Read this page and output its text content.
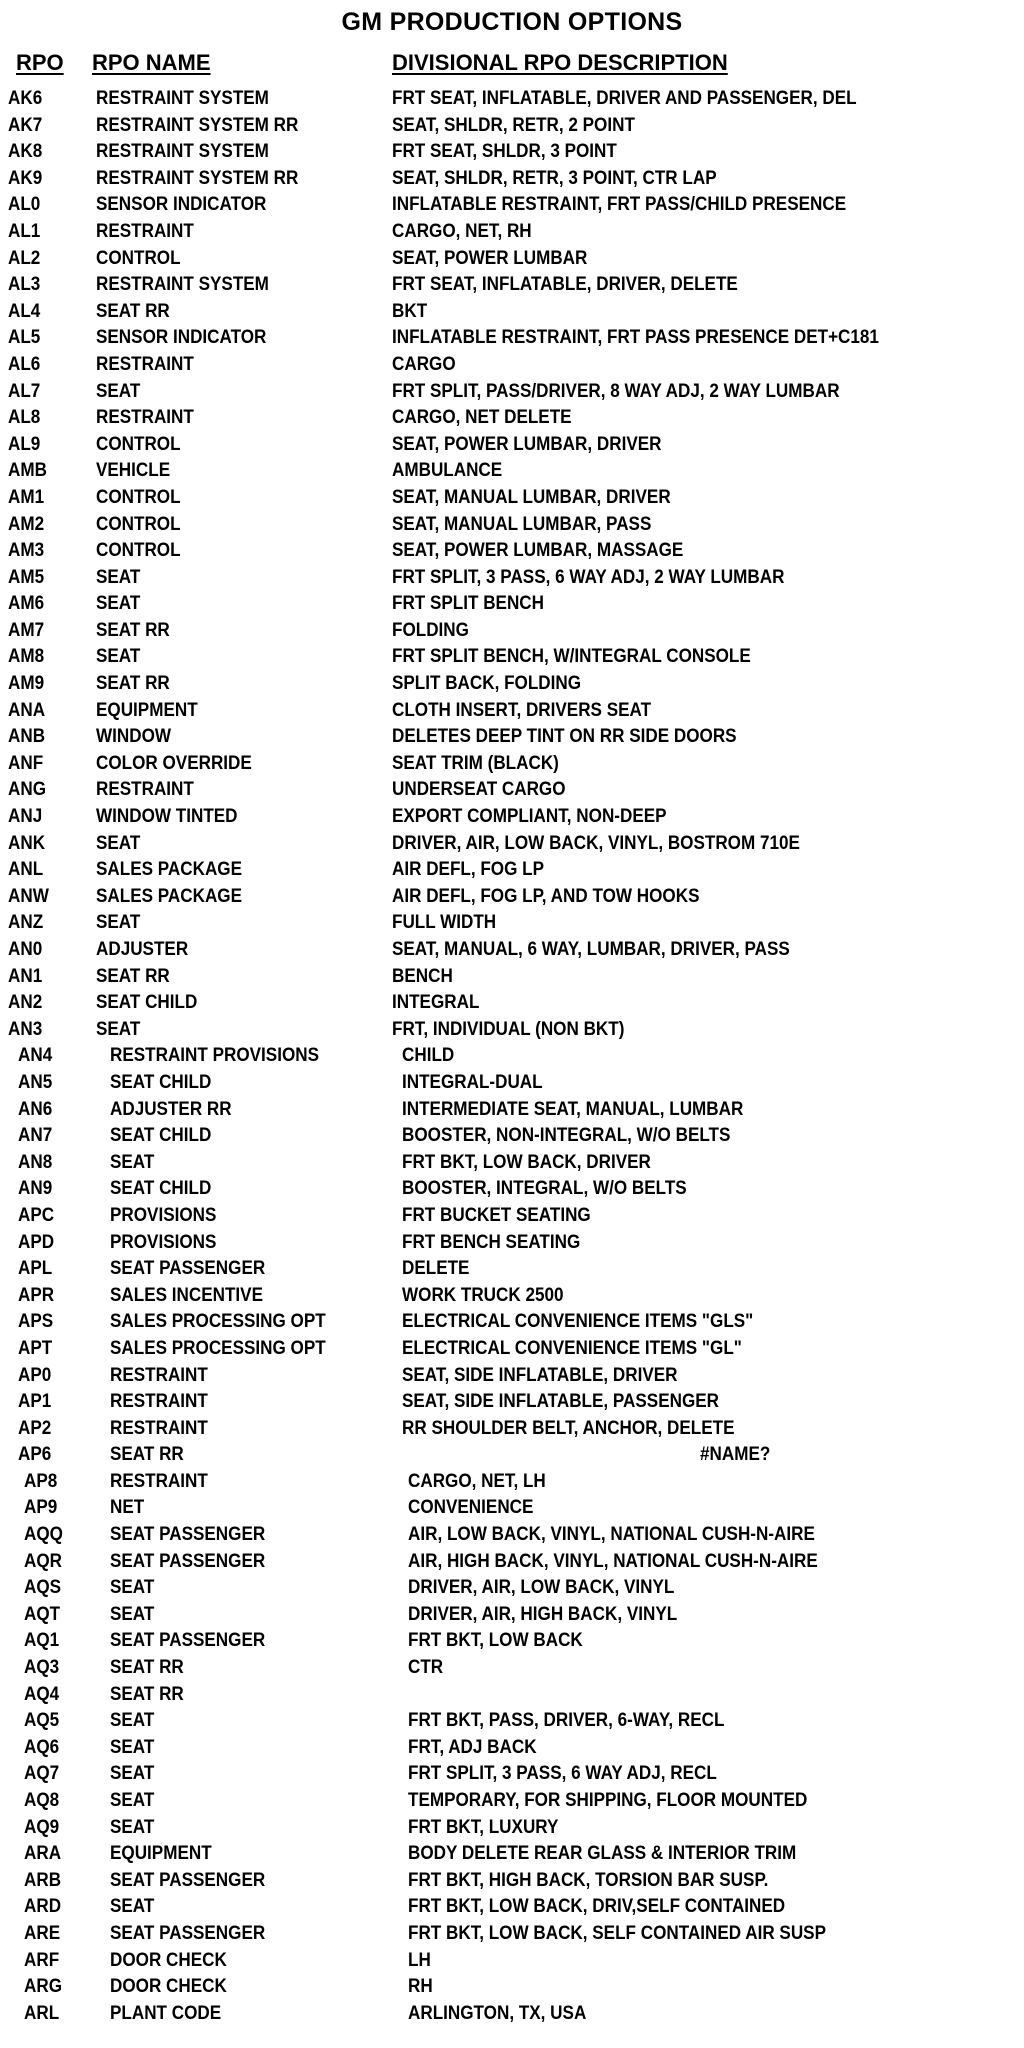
GM PRODUCTION OPTIONS
RPO RPO NAME	DIVISIONAL RPO DESCRIPTION
AK6	RESTRAINT SYSTEM	FRT SEAT, INFLATABLE, DRIVER AND PASSENGER, DEL
AK7	RESTRAINT SYSTEM RR	SEAT, SHLDR, RETR, 2 POINT
AK8	RESTRAINT SYSTEM	FRT SEAT, SHLDR, 3 POINT
AK9	RESTRAINT SYSTEM RR	SEAT, SHLDR, RETR, 3 POINT, CTR LAP
AL0	SENSOR INDICATOR	INFLATABLE RESTRAINT, FRT PASS/CHILD PRESENCE
AL1	RESTRAINT	CARGO, NET, RH
AL2	CONTROL	SEAT, POWER LUMBAR
AL3	RESTRAINT SYSTEM	FRT SEAT, INFLATABLE, DRIVER, DELETE
AL4	SEAT RR	BKT
AL5	SENSOR INDICATOR	INFLATABLE RESTRAINT, FRT PASS PRESENCE DET+C181
AL6	RESTRAINT	CARGO
AL7	SEAT	FRT SPLIT, PASS/DRIVER, 8 WAY ADJ, 2 WAY LUMBAR
AL8	RESTRAINT	CARGO, NET DELETE
AL9	CONTROL	SEAT, POWER LUMBAR, DRIVER
AMB	VEHICLE	AMBULANCE
AM1	CONTROL	SEAT, MANUAL LUMBAR, DRIVER
AM2	CONTROL	SEAT, MANUAL LUMBAR, PASS
AM3	CONTROL	SEAT, POWER LUMBAR, MASSAGE
AM5	SEAT	FRT SPLIT, 3 PASS, 6 WAY ADJ, 2 WAY LUMBAR
AM6	SEAT	FRT SPLIT BENCH
AM7	SEAT RR	FOLDING
AM8	SEAT	FRT SPLIT BENCH, W/INTEGRAL CONSOLE
AM9	SEAT RR	SPLIT BACK, FOLDING
ANA	EQUIPMENT	CLOTH INSERT, DRIVERS SEAT
ANB	WINDOW	DELETES DEEP TINT ON RR SIDE DOORS
ANF	COLOR OVERRIDE	SEAT TRIM (BLACK)
ANG	RESTRAINT	UNDERSEAT CARGO
ANJ	WINDOW TINTED	EXPORT COMPLIANT, NON-DEEP
ANK	SEAT	DRIVER, AIR, LOW BACK, VINYL, BOSTROM 710E
ANL	SALES PACKAGE	AIR DEFL, FOG LP
ANW SALES PACKAGE	AIR DEFL, FOG LP, AND TOW HOOKS
ANZ	SEAT	FULL WIDTH
AN0	ADJUSTER	SEAT, MANUAL, 6 WAY, LUMBAR, DRIVER, PASS
AN1	SEAT RR	BENCH
AN2	SEAT CHILD	INTEGRAL
AN3	SEAT	FRT, INDIVIDUAL (NON BKT)
AN4	RESTRAINT PROVISIONS	CHILD
AN5	SEAT CHILD	INTEGRAL-DUAL
AN6	ADJUSTER RR	INTERMEDIATE SEAT, MANUAL, LUMBAR
AN7	SEAT CHILD	BOOSTER, NON-INTEGRAL, W/O BELTS
AN8	SEAT	FRT BKT, LOW BACK, DRIVER
AN9	SEAT CHILD	BOOSTER, INTEGRAL, W/O BELTS
APC	PROVISIONS	FRT BUCKET SEATING
APD	PROVISIONS	FRT BENCH SEATING
APL	SEAT PASSENGER	DELETE
APR	SALES INCENTIVE	WORK TRUCK 2500
APS	SALES PROCESSING OPT	ELECTRICAL CONVENIENCE ITEMS "GLS"
APT	SALES PROCESSING OPT	ELECTRICAL CONVENIENCE ITEMS "GL"
AP0	RESTRAINT	SEAT, SIDE INFLATABLE, DRIVER
AP1	RESTRAINT	SEAT, SIDE INFLATABLE, PASSENGER
AP2	RESTRAINT	RR SHOULDER BELT, ANCHOR, DELETE
AP6	SEAT RR	#NAME?
AP8	RESTRAINT	CARGO, NET, LH
AP9	NET	CONVENIENCE
AQQ SEAT PASSENGER	AIR, LOW BACK, VINYL, NATIONAL CUSH-N-AIRE
AQR	SEAT PASSENGER	AIR, HIGH BACK, VINYL, NATIONAL CUSH-N-AIRE
AQS	SEAT	DRIVER, AIR, LOW BACK, VINYL
AQT	SEAT	DRIVER, AIR, HIGH BACK, VINYL
AQ1	SEAT PASSENGER	FRT BKT, LOW BACK
AQ3	SEAT RR	CTR
AQ4	SEAT RR
AQ5	SEAT	FRT BKT, PASS, DRIVER, 6-WAY, RECL
AQ6	SEAT	FRT, ADJ BACK
AQ7	SEAT	FRT SPLIT, 3 PASS, 6 WAY ADJ, RECL
AQ8	SEAT	TEMPORARY, FOR SHIPPING, FLOOR MOUNTED
AQ9	SEAT	FRT BKT, LUXURY
ARA	EQUIPMENT	BODY DELETE REAR GLASS & INTERIOR TRIM
ARB	SEAT PASSENGER	FRT BKT, HIGH BACK, TORSION BAR SUSP.
ARD	SEAT	FRT BKT, LOW BACK, DRIV,SELF CONTAINED
ARE	SEAT PASSENGER	FRT BKT, LOW BACK, SELF CONTAINED AIR SUSP
ARF	DOOR CHECK	LH
ARG	DOOR CHECK	RH
ARL	PLANT CODE	ARLINGTON, TX, USA
